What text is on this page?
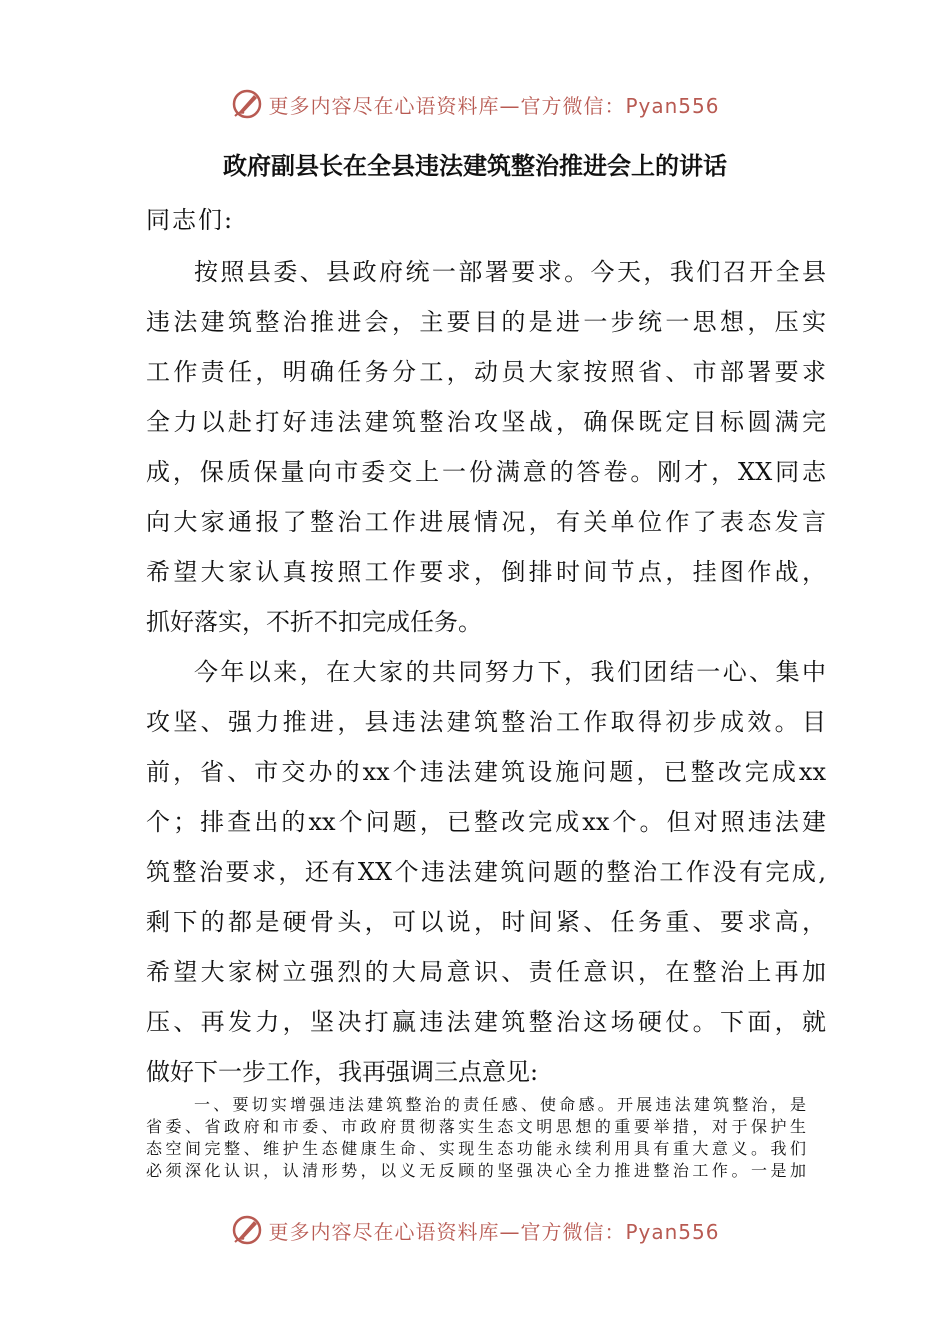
更多内容尽在心语资料库—官方微信：Pyan556
政府副县长在全县违法建筑整治推进会上的讲话
同志们:
按照县委、县政府统一部署要求。今天，我们召开全县
违法建筑整治推进会，主要目的是进一步统一思想，压实
工作责任，明确任务分工，动员大家按照省、市部署要求
全力以赴打好违法建筑整治攻坚战，确保既定目标圆满完
成，保质保量向市委交上一份满意的答卷。刚才，XX同志
向大家通报了整治工作进展情况，有关单位作了表态发言
希望大家认真按照工作要求，倒排时间节点，挂图作战，
抓好落实，不折不扣完成任务。
今年以来，在大家的共同努力下，我们团结一心、集中
攻坚、强力推进，县违法建筑整治工作取得初步成效。目
前，省、市交办的xx个违法建筑设施问题，已整改完成xx
个；排查出的xx个问题，已整改完成xx个。但对照违法建
筑整治要求，还有XX个违法建筑问题的整治工作没有完成,
剩下的都是硬骨头，可以说，时间紧、任务重、要求高，
希望大家树立强烈的大局意识、责任意识，在整治上再加
压、再发力，坚决打赢违法建筑整治这场硬仗。下面，就
做好下一步工作，我再强调三点意见:
一、要切实增强违法建筑整治的责任感、使命感。开展违法建筑整治，是
省委、省政府和市委、市政府贯彻落实生态文明思想的重要举措，对于保护生
态空间完整、维护生态健康生命、实现生态功能永续利用具有重大意义。我们
必须深化认识，认清形势，以义无反顾的坚强决心全力推进整治工作。一是加
更多内容尽在心语资料库—官方微信：Pyan556
